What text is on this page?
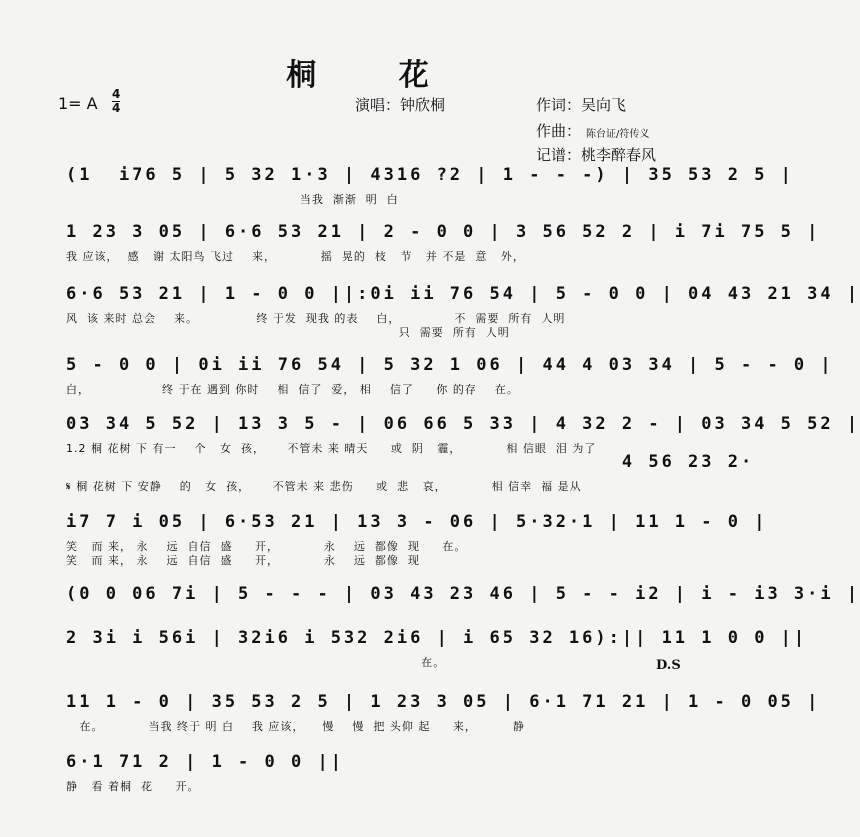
桐 花
1= A 4
4	演唱：钟欣桐	作词：吴向飞
作曲： 陈台证/符传义
记谱：桃李醉春风
(1  i76 5 | 5 32 1·3 | 4316 ?2 | 1 - - -) | 35 53 2 5 |
当我  渐渐  明  白
1 23 3 05 | 6·6 53 21 | 2 - 0 0 | 3 56 52 2 | i 7i 75 5 |
我 应该，  感   谢 太阳鸟 飞过    来，          摇  晃的  枝   节   并 不是  意   外，
6·6 53 21 | 1 - 0 0 ||:0i ii 76 54 | 5 - 0 0 | 04 43 21 34 |
风  该 来时 总会    来。             终 于发  现我 的表    白，            不  需要  所有  人明
只  需要  所有  人明
5 - 0 0 | 0i ii 76 54 | 5 32 1 06 | 44 4 03 34 | 5 - - 0 |
白，                终 于在 遇到 你时    相  信了  爱， 相    信了     你 的存    在。
03 34 5 52 | 13 3 5 - | 06 66 5 33 | 4 32 2 - | 03 34 5 52 |
1.2 桐 花树 下 有一    个   女  孩，     不管未 来 晴天     或  阴   霾，          相 信眼  泪 为了
4 56 23 2·
𝄋 桐 花树 下 安静    的   女  孩，     不管未 来 悲伤     或  悲   哀，          相 信幸  福 是从
i7 7 i 05 | 6·53 21 | 13 3 - 06 | 5·32·1 | 11 1 - 0 |
笑   而 来， 永    远  自信  盛     开，          永    远  都像  现     在。
笑   而 来， 永    远  自信  盛     开，          永    远  都像  现
(0 0 06 7i | 5 - - - | 03 43 23 46 | 5 - - i2 | i - i3 3·i |
2 3i i 56i | 32i6 i 532 2i6 | i 65 32 16):|| 11 1 0 0 ||
在。
11 1 - 0 | 35 53 2 5 | 1 23 3 05 | 6·1 71 21 | 1 - 0 05 |
在。          当我 终于 明 白    我 应该，    慢    慢  把 头仰 起     来，        静
6·1 71 2 | 1 - 0 0 ||
静   看 着桐  花     开。
D.S
